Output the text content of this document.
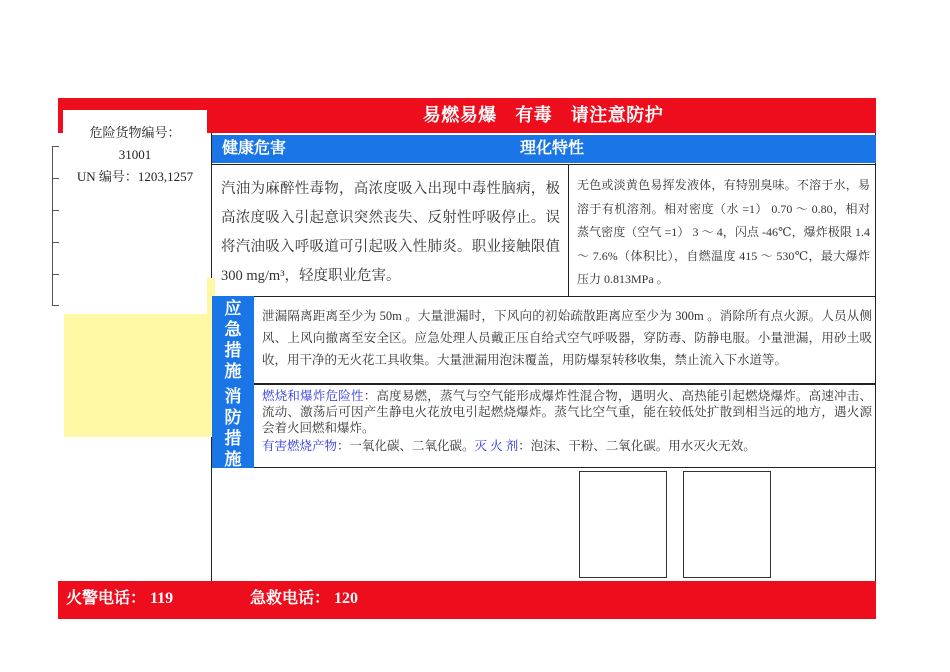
易燃易爆　有毒　请注意防护
危险货物编号：
31001
UN 编号：1203,1257
健康危害	理化特性
汽油为麻醉性毒物，高浓度吸入出现中毒性脑病，极高浓度吸入引起意识突然丧失、反射性呼吸停止。误将汽油吸入呼吸道可引起吸入性肺炎。职业接触限值 300 mg/m³，轻度职业危害。
无色或淡黄色易挥发液体，有特别臭味。不溶于水，易溶于有机溶剂。相对密度（水 =1） 0.70 ～ 0.80，相对蒸气密度（空气 =1） 3 ～ 4，闪点 -46℃，爆炸极限 1.4 ～ 7.6%（体积比），自燃温度 415 ～ 530℃，最大爆炸压力 0.813MPa 。
应
急
措
施
泄漏隔离距离至少为 50m 。大量泄漏时，下风向的初始疏散距离应至少为 300m 。消除所有点火源。人员从侧风、上风向撤离至安全区。应急处理人员戴正压自给式空气呼吸器，穿防毒、防静电服。小量泄漏，用砂土吸收，用干净的无火花工具收集。大量泄漏用泡沫覆盖，用防爆泵转移收集，禁止流入下水道等。
消
防
措
施
燃烧和爆炸危险性：高度易燃，蒸气与空气能形成爆炸性混合物，遇明火、高热能引起燃烧爆炸。高速冲击、流动、激荡后可因产生静电火花放电引起燃烧爆炸。蒸气比空气重，能在较低处扩散到相当远的地方，遇火源会着火回燃和爆炸。
有害燃烧产物：一氧化碳、二氧化碳。灭 火 剂：泡沫、干粉、二氧化碳。用水灭火无效。
火警电话： 119	急救电话： 120
